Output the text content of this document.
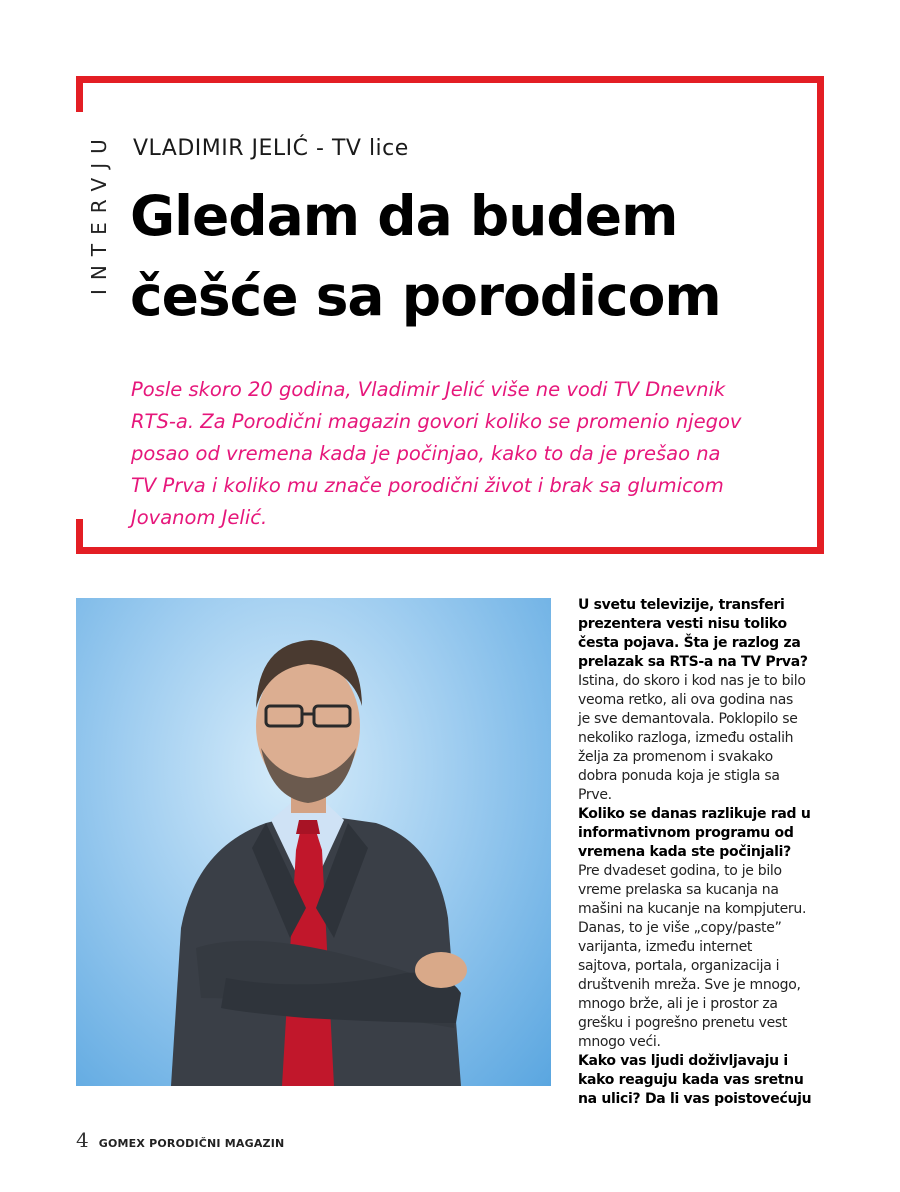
INTERVJU VLADIMIR JELIĆ - TV lice
Gledam da budem
češće sa porodicom
Posle skoro 20 godina, Vladimir Jelić više ne vodi TV Dnevnik
RTS-a. Za Porodični magazin govori koliko se promenio njegov
posao od vremena kada je počinjao, kako to da je prešao na
TV Prva i koliko mu znače porodični život i brak sa glumicom
Jovanom Jelić.
U svetu televizije, transferi
prezentera vesti nisu toliko
česta pojava. Šta je razlog za
prelazak sa RTS-a na TV Prva?
Istina, do skoro i kod nas je to bilo
veoma retko, ali ova godina nas
je sve demantovala. Poklopilo se
nekoliko razloga, između ostalih
želja za promenom i svakako
dobra ponuda koja je stigla sa
Prve.
Koliko se danas razlikuje rad u
informativnom programu od
vremena kada ste počinjali?
Pre dvadeset godina, to je bilo
vreme prelaska sa kucanja na
mašini na kucanje na kompjuteru.
Danas, to je više „copy/paste”
varijanta, između internet
sajtova, portala, organizacija i
društvenih mreža. Sve je mnogo,
mnogo brže, ali je i prostor za
grešku i pogrešno prenetu vest
mnogo veći.
Kako vas ljudi doživljavaju i
kako reaguju kada vas sretnu
na ulici? Da li vas poistovećuju
4 GOMEX PORODIČNI MAGAZIN
